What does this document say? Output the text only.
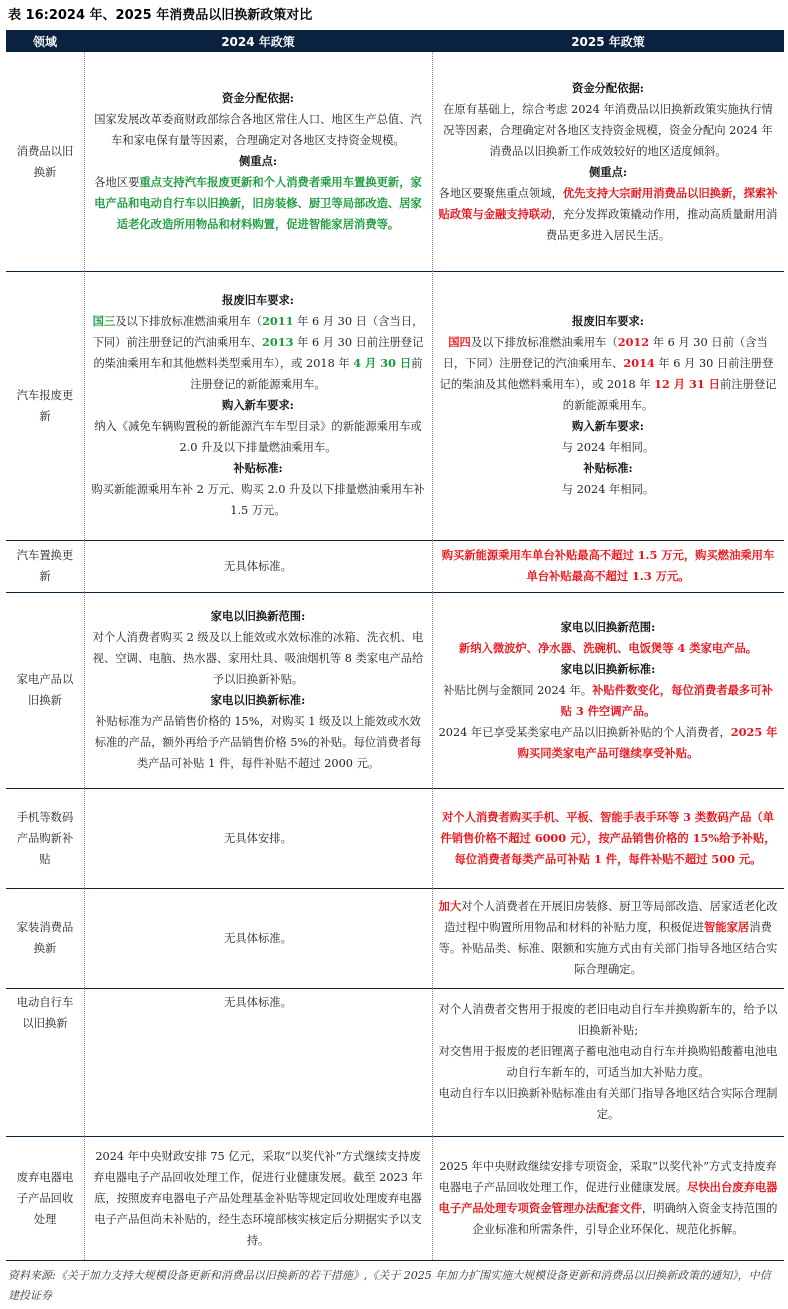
表 16:2024 年、2025 年消费品以旧换新政策对比
领域	2024 年政策	2025 年政策

消费品以旧换新

资金分配依据:

国家发展改革委商财政部综合各地区常住人口、地区生产总值、汽车和家电保有量等因素，合理确定对各地区支持资金规模。

侧重点:

各地区要重点支持汽车报废更新和个人消费者乘用车置换更新，家电产品和电动自行车以旧换新，旧房装修、厨卫等局部改造、居家适老化改造所用物品和材料购置，促进智能家居消费等。

资金分配依据:

在原有基础上，综合考虑 2024 年消费品以旧换新政策实施执行情况等因素，合理确定对各地区支持资金规模，资金分配向 2024 年消费品以旧换新工作成效较好的地区适度倾斜。

侧重点:

各地区要聚焦重点领域，优先支持大宗耐用消费品以旧换新，探索补贴政策与金融支持联动，充分发挥政策撬动作用，推动高质量耐用消费品更多进入居民生活。

汽车报废更新

报废旧车要求:

国三及以下排放标准燃油乘用车（2011 年 6 月 30 日（含当日，下同）前注册登记的汽油乘用车、2013 年 6 月 30 日前注册登记的柴油乘用车和其他燃料类型乘用车），或 2018 年 4 月 30 日前注册登记的新能源乘用车。

购入新车要求:

纳入《减免车辆购置税的新能源汽车车型目录》的新能源乘用车或 2.0 升及以下排量燃油乘用车。

补贴标准:

购买新能源乘用车补 2 万元、购买 2.0 升及以下排量燃油乘用车补 1.5 万元。

报废旧车要求:

国四及以下排放标准燃油乘用车（2012 年 6 月 30 日前（含当日，下同）注册登记的汽油乘用车、2014 年 6 月 30 日前注册登记的柴油及其他燃料乘用车），或 2018 年 12 月 31 日前注册登记的新能源乘用车。

购入新车要求:

与 2024 年相同。

补贴标准:

与 2024 年相同。

汽车置换更新

无具体标准。

购买新能源乘用车单台补贴最高不超过 1.5 万元，购买燃油乘用车单台补贴最高不超过 1.3 万元。

家电产品以旧换新

家电以旧换新范围:

对个人消费者购买 2 级及以上能效或水效标准的冰箱、洗衣机、电视、空调、电脑、热水器、家用灶具、吸油烟机等 8 类家电产品给予以旧换新补贴。

家电以旧换新标准:

补贴标准为产品销售价格的 15%，对购买 1 级及以上能效或水效标准的产品，额外再给予产品销售价格 5%的补贴。每位消费者每类产品可补贴 1 件，每件补贴不超过 2000 元。

家电以旧换新范围:

新纳入微波炉、净水器、洗碗机、电饭煲等 4 类家电产品。

家电以旧换新标准:

补贴比例与金额同 2024 年。补贴件数变化，每位消费者最多可补贴 3 件空调产品。

2024 年已享受某类家电产品以旧换新补贴的个人消费者，2025 年购买同类家电产品可继续享受补贴。

手机等数码产品购新补贴

无具体安排。

对个人消费者购买手机、平板、智能手表手环等 3 类数码产品（单件销售价格不超过 6000 元），按产品销售价格的 15%给予补贴，每位消费者每类产品可补贴 1 件，每件补贴不超过 500 元。

家装消费品换新

无具体标准。

加大对个人消费者在开展旧房装修、厨卫等局部改造、居家适老化改造过程中购置所用物品和材料的补贴力度，积极促进智能家居消费等。补贴品类、标准、限额和实施方式由有关部门指导各地区结合实际合理确定。

电动自行车以旧换新

无具体标准。

对个人消费者交售用于报废的老旧电动自行车并换购新车的，给予以旧换新补贴;

对交售用于报废的老旧锂离子蓄电池电动自行车并换购铅酸蓄电池电动自行车新车的，可适当加大补贴力度。

电动自行车以旧换新补贴标准由有关部门指导各地区结合实际合理制定。

废弃电器电子产品回收处理

2024 年中央财政安排 75 亿元，采取“以奖代补”方式继续支持废弃电器电子产品回收处理工作，促进行业健康发展。截至 2023 年底，按照废弃电器电子产品处理基金补贴等规定回收处理废弃电器电子产品但尚未补贴的，经生态环境部核实核定后分期据实予以支持。

2025 年中央财政继续安排专项资金，采取“以奖代补”方式支持废弃电器电子产品回收处理工作，促进行业健康发展。尽快出台废弃电器电子产品处理专项资金管理办法配套文件，明确纳入资金支持范围的企业标准和所需条件，引导企业环保化、规范化拆解。

资料来源:《关于加力支持大规模设备更新和消费品以旧换新的若干措施》,《关于 2025 年加力扩围实施大规模设备更新和消费品以旧换新政策的通知》，中信建投证券
